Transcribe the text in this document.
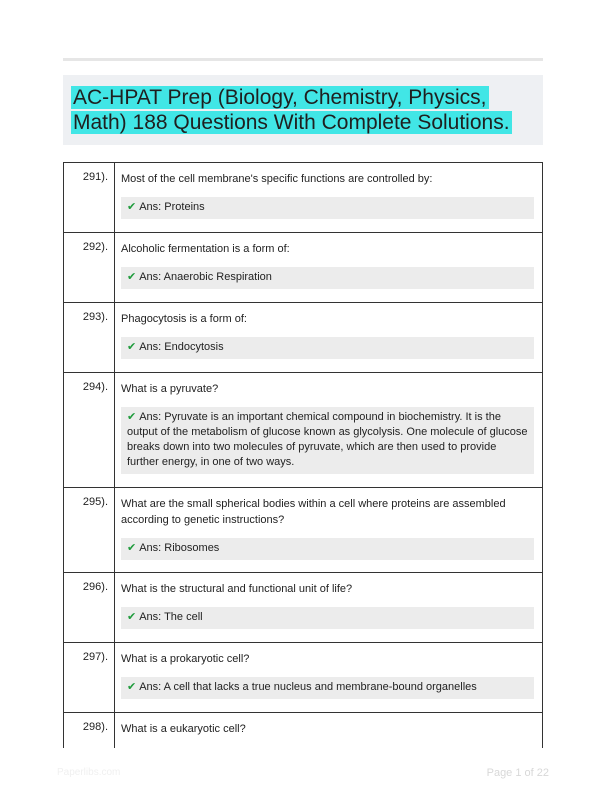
AC-HPAT Prep (Biology, Chemistry, Physics, Math) 188 Questions With Complete Solutions.
291).	Most of the cell membrane's specific functions are controlled by:
✔ Ans: Proteins
292).	Alcoholic fermentation is a form of:
✔ Ans: Anaerobic Respiration
293).	Phagocytosis is a form of:
✔ Ans: Endocytosis
294).	What is a pyruvate?
✔ Ans: Pyruvate is an important chemical compound in biochemistry. It is the output of the metabolism of glucose known as glycolysis. One molecule of glucose breaks down into two molecules of pyruvate, which are then used to provide further energy, in one of two ways.
295).	What are the small spherical bodies within a cell where proteins are assembled according to genetic instructions?
✔ Ans: Ribosomes
296).	What is the structural and functional unit of life?
✔ Ans: The cell
297).	What is a prokaryotic cell?
✔ Ans: A cell that lacks a true nucleus and membrane-bound organelles
298).	What is a eukaryotic cell?
Paperlibs.com	Page 1 of 22
